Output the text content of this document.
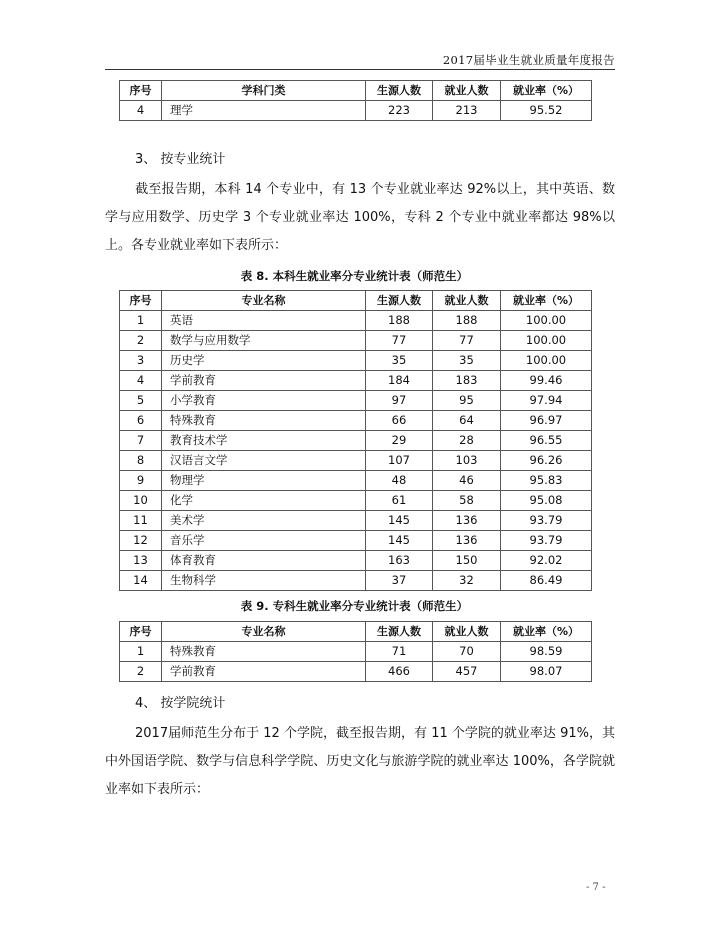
2017届毕业生就业质量年度报告
序号	学科门类	生源人数	就业人数	就业率（%）
4	理学	223	213	95.52
3、 按专业统计
截至报告期，本科 14 个专业中，有 13 个专业就业率达 92%以上，其中英语、数学与应用数学、历史学 3 个专业就业率达 100%，专科 2 个专业中就业率都达 98%以上。各专业就业率如下表所示：
表 8. 本科生就业率分专业统计表（师范生）
序号	专业名称	生源人数	就业人数	就业率（%）
1	英语	188	188	100.00
2	数学与应用数学	77	77	100.00
3	历史学	35	35	100.00
4	学前教育	184	183	99.46
5	小学教育	97	95	97.94
6	特殊教育	66	64	96.97
7	教育技术学	29	28	96.55
8	汉语言文学	107	103	96.26
9	物理学	48	46	95.83
10	化学	61	58	95.08
11	美术学	145	136	93.79
12	音乐学	145	136	93.79
13	体育教育	163	150	92.02
14	生物科学	37	32	86.49
表 9. 专科生就业率分专业统计表（师范生）
序号	专业名称	生源人数	就业人数	就业率（%）
1	特殊教育	71	70	98.59
2	学前教育	466	457	98.07
4、 按学院统计
2017届师范生分布于 12 个学院，截至报告期，有 11 个学院的就业率达 91%，其中外国语学院、数学与信息科学学院、历史文化与旅游学院的就业率达 100%，各学院就业率如下表所示：
- 7 -
